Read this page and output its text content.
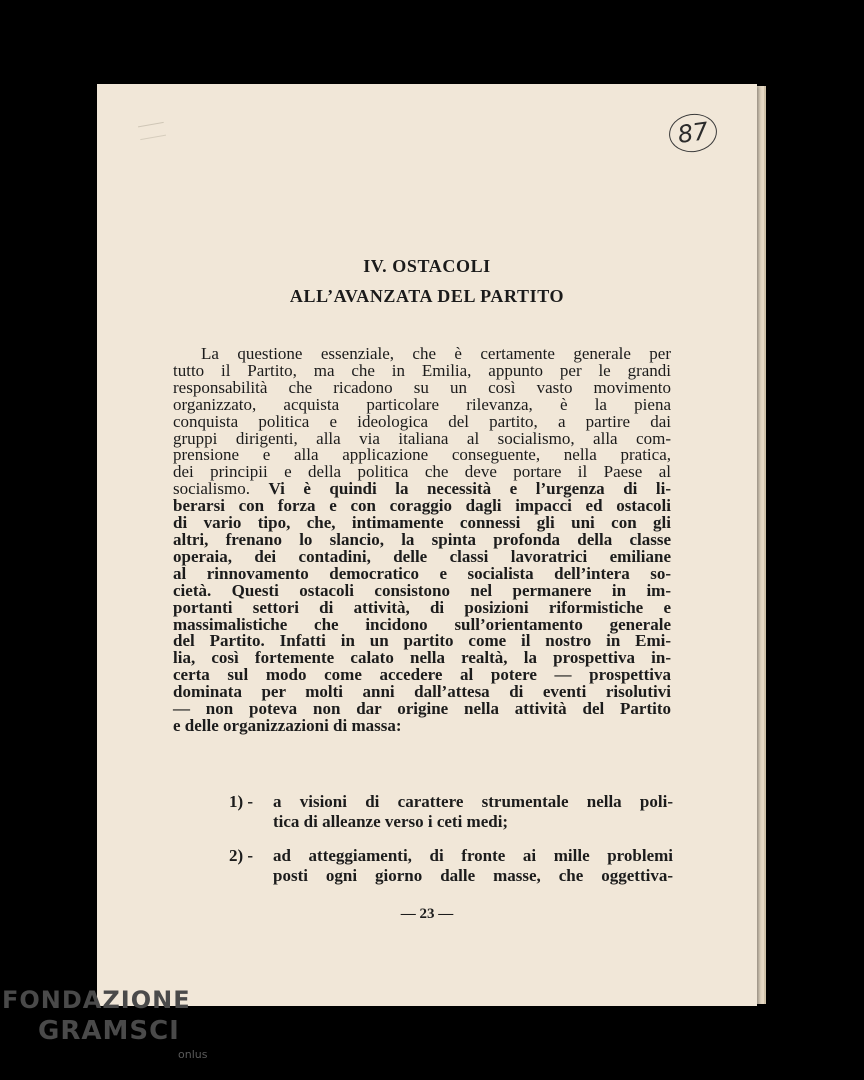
87
IV. OSTACOLI
ALL’AVANZATA DEL PARTITO
La questione essenziale, che è certamente generale per
tutto il Partito, ma che in Emilia, appunto per le grandi
responsabilità che ricadono su un così vasto movimento
organizzato, acquista particolare rilevanza, è la piena
conquista politica e ideologica del partito, a partire dai
gruppi dirigenti, alla via italiana al socialismo, alla com-
prensione e alla applicazione conseguente, nella pratica,
dei principii e della politica che deve portare il Paese al
socialismo. Vi è quindi la necessità e l’urgenza di li-
berarsi con forza e con coraggio dagli impacci ed ostacoli
di vario tipo, che, intimamente connessi gli uni con gli
altri, frenano lo slancio, la spinta profonda della classe
operaia, dei contadini, delle classi lavoratrici emiliane
al rinnovamento democratico e socialista dell’intera so-
cietà. Questi ostacoli consistono nel permanere in im-
portanti settori di attività, di posizioni riformistiche e
massimalistiche che incidono sull’orientamento generale
del Partito. Infatti in un partito come il nostro in Emi-
lia, così fortemente calato nella realtà, la prospettiva in-
certa sul modo come accedere al potere — prospettiva
dominata per molti anni dall’attesa di eventi risolutivi
— non poteva non dar origine nella attività del Partito
e delle organizzazioni di massa:
1) -	a visioni di carattere strumentale nella poli-
tica di alleanze verso i ceti medi;
2) -	ad atteggiamenti, di fronte ai mille problemi
posti ogni giorno dalle masse, che oggettiva-
— 23 —
FONDAZIONE
GRAMSCI
onlus
